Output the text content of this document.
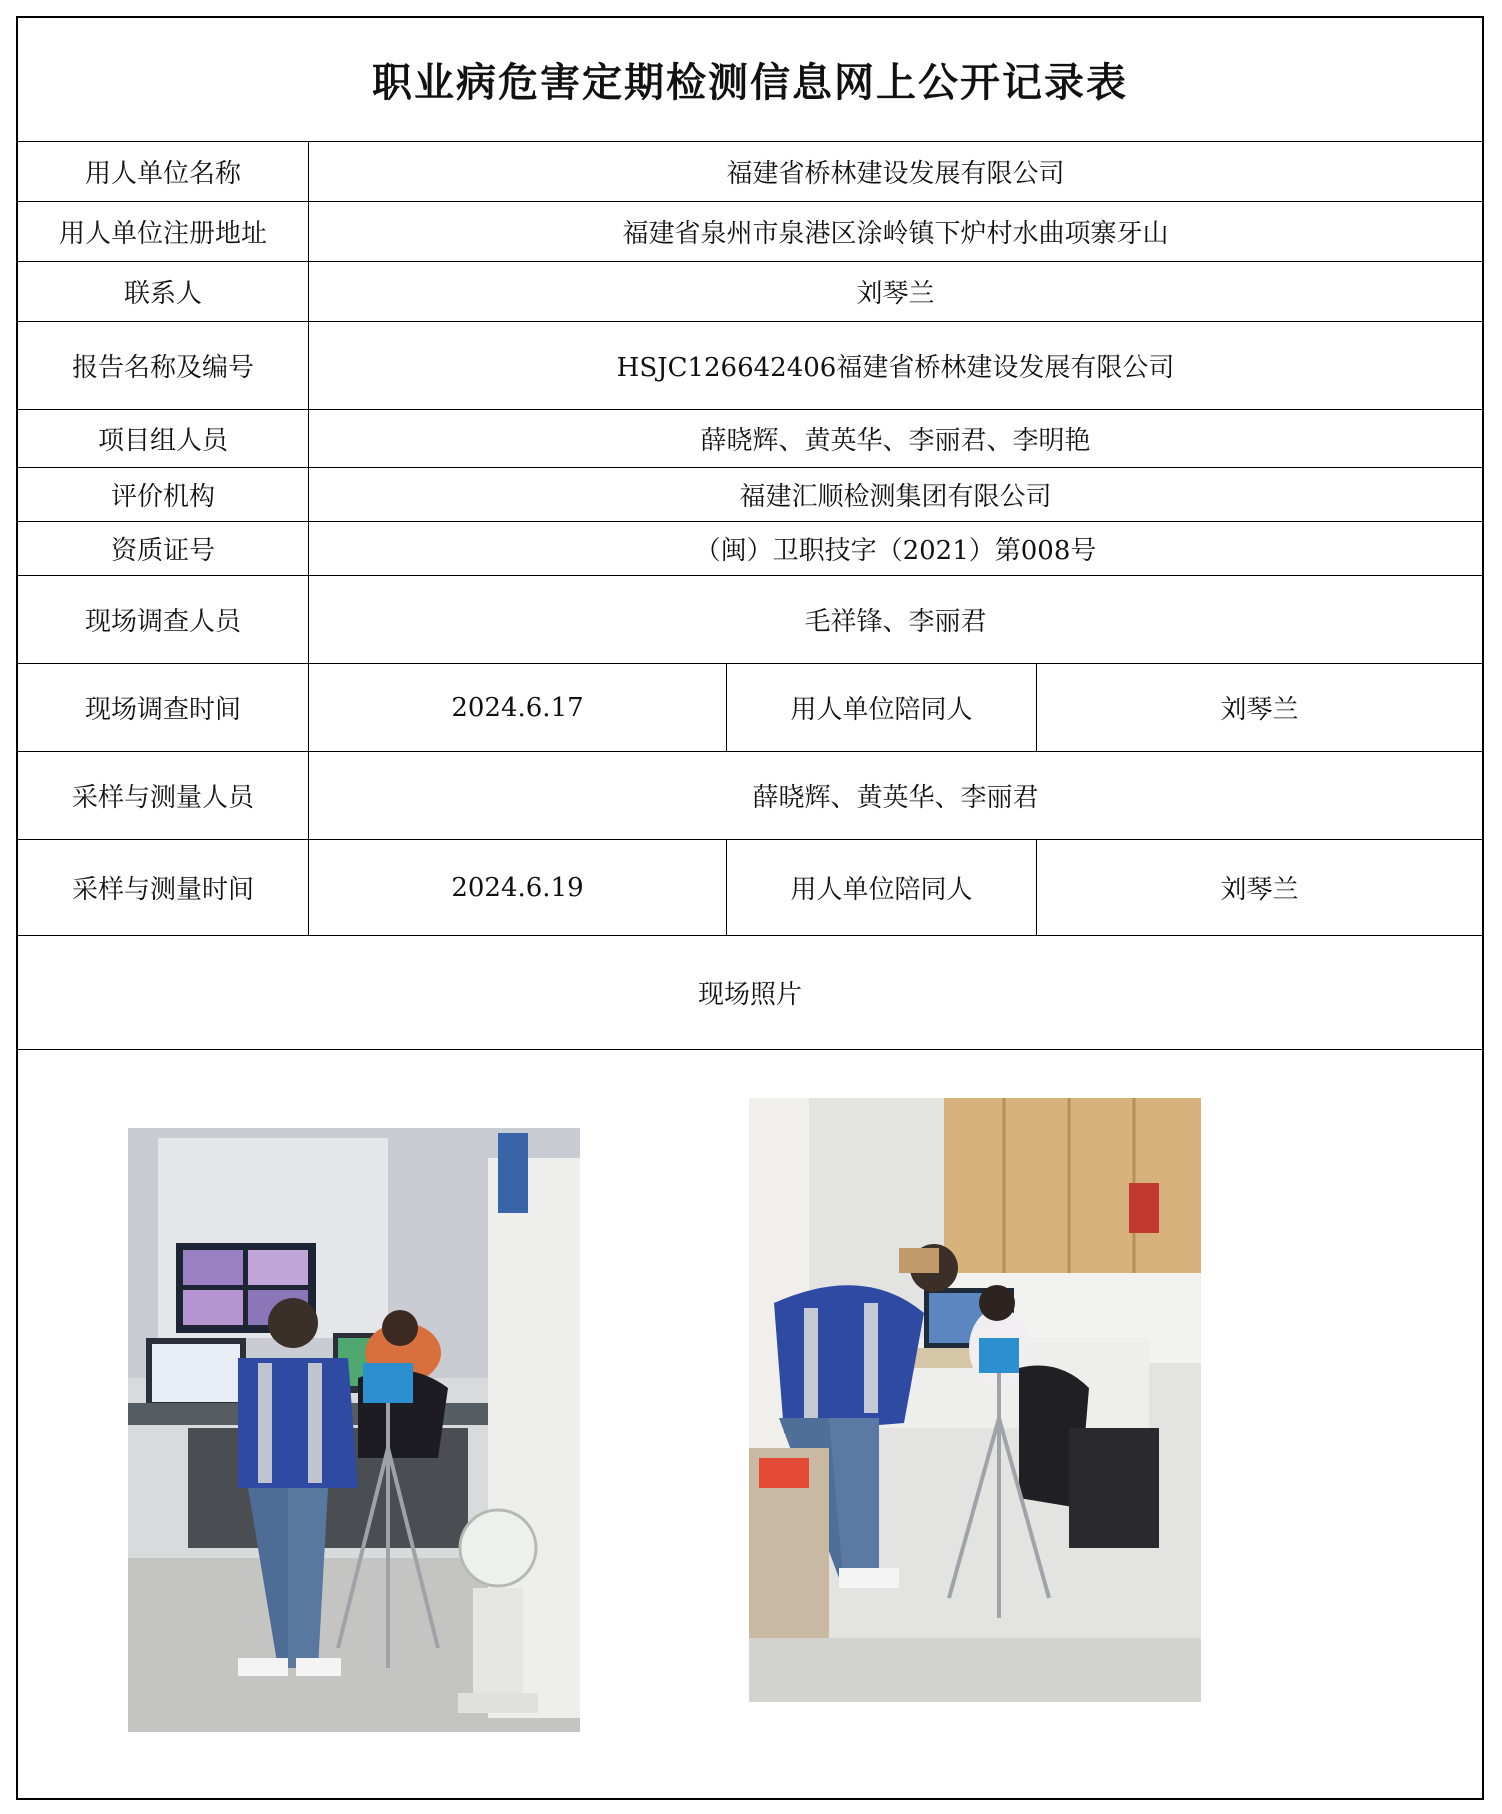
职业病危害定期检测信息网上公开记录表
用人单位名称	福建省桥林建设发展有限公司
用人单位注册地址	福建省泉州市泉港区涂岭镇下炉村水曲项寨牙山
联系人	刘琴兰
报告名称及编号	HSJC126642406福建省桥林建设发展有限公司
项目组人员	薛晓辉、黄英华、李丽君、李明艳
评价机构	福建汇顺检测集团有限公司
资质证号	（闽）卫职技字（2021）第008号
现场调查人员	毛祥锋、李丽君
现场调查时间	2024.6.17	用人单位陪同人	刘琴兰
采样与测量人员	薛晓辉、黄英华、李丽君
采样与测量时间	2024.6.19	用人单位陪同人	刘琴兰
现场照片
